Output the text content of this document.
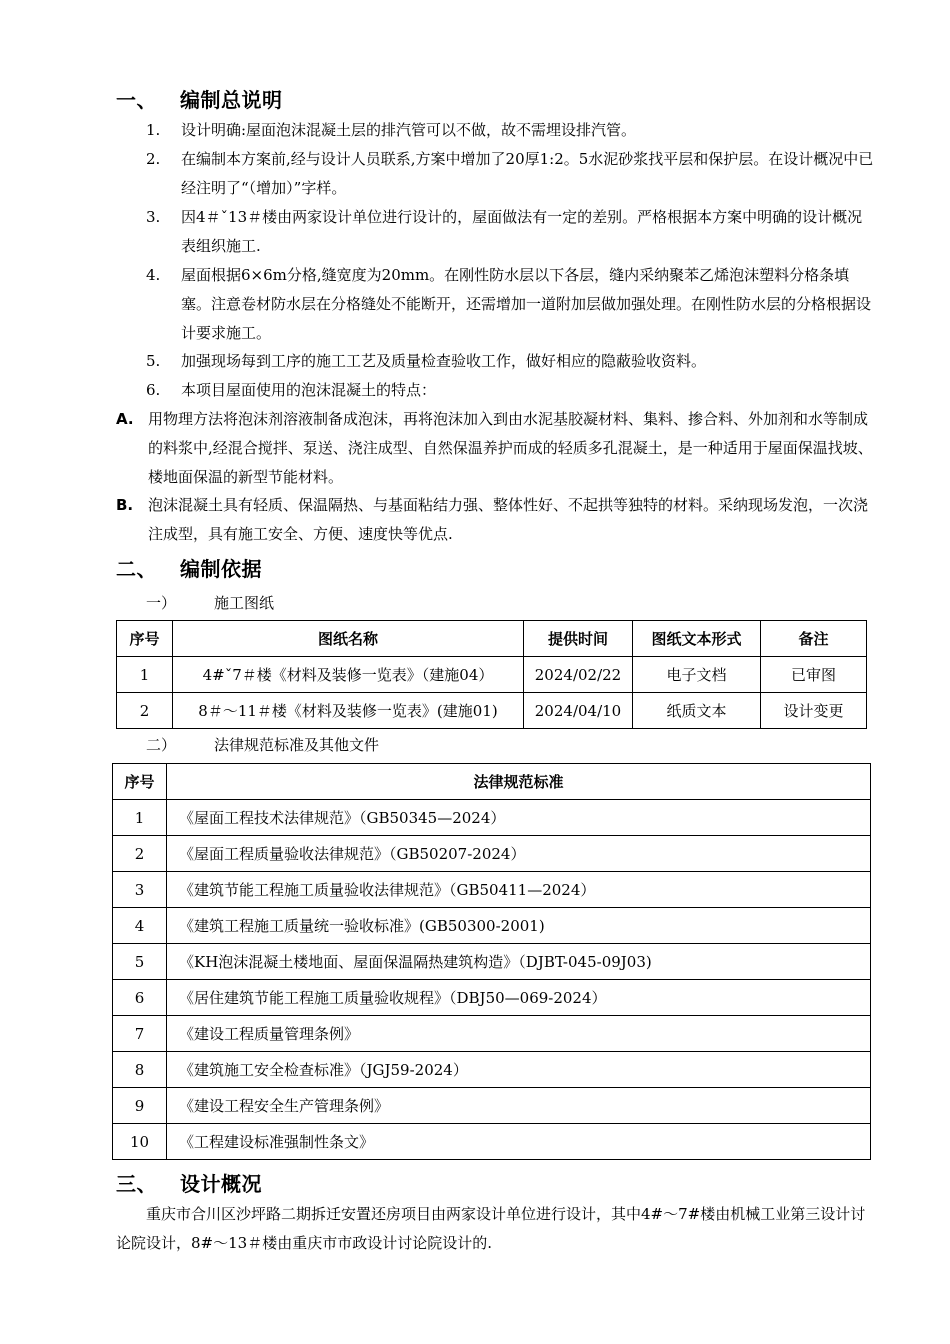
一、 编制总说明
1.	设计明确:屋面泡沫混凝土层的排汽管可以不做，故不需埋设排汽管。
2.	在编制本方案前,经与设计人员联系,方案中增加了20厚1:2。5水泥砂浆找平层和保护层。在设计概况中已经注明了“（增加）”字样。
3.	因4＃ˇ13＃楼由两家设计单位进行设计的，屋面做法有一定的差别。严格根据本方案中明确的设计概况表组织施工.
4.	屋面根据6×6m分格,缝宽度为20mm。在刚性防水层以下各层，缝内采纳聚苯乙烯泡沫塑料分格条填塞。注意卷材防水层在分格缝处不能断开，还需增加一道附加层做加强处理。在刚性防水层的分格根据设计要求施工。
5.	加强现场每到工序的施工工艺及质量检查验收工作，做好相应的隐蔽验收资料。
6.	本项目屋面使用的泡沫混凝土的特点：
A. 用物理方法将泡沫剂溶液制备成泡沫，再将泡沫加入到由水泥基胶凝材料、集料、掺合料、外加剂和水等制成的料浆中,经混合搅拌、泵送、浇注成型、自然保温养护而成的轻质多孔混凝土，是一种适用于屋面保温找坡、楼地面保温的新型节能材料。
B. 泡沫混凝土具有轻质、保温隔热、与基面粘结力强、整体性好、不起拱等独特的材料。采纳现场发泡，一次浇注成型，具有施工安全、方便、速度快等优点.
二、 编制依据
一）	施工图纸
序号	图纸名称	提供时间	图纸文本形式	备注
1	4#ˇ7＃楼《材料及装修一览表》（建施04）	2024/02/22	电子文档	已审图
2	8＃～11＃楼《材料及装修一览表》(建施01)	2024/04/10	纸质文本	设计变更
二）	法律规范标准及其他文件
序号	法律规范标准
1	《屋面工程技术法律规范》（GB50345—2024）
2	《屋面工程质量验收法律规范》（GB50207-2024）
3	《建筑节能工程施工质量验收法律规范》（GB50411—2024）
4	《建筑工程施工质量统一验收标准》(GB50300-2001)
5	《KH泡沫混凝土楼地面、屋面保温隔热建筑构造》（DJBT-045-09J03)
6	《居住建筑节能工程施工质量验收规程》（DBJ50—069-2024）
7	《建设工程质量管理条例》
8	《建筑施工安全检查标准》（JGJ59-2024）
9	《建设工程安全生产管理条例》
10	《工程建设标准强制性条文》
三、 设计概况
重庆市合川区沙坪路二期拆迁安置还房项目由两家设计单位进行设计，其中4#～7#楼由机械工业第三设计讨论院设计，8#～13＃楼由重庆市市政设计讨论院设计的.
